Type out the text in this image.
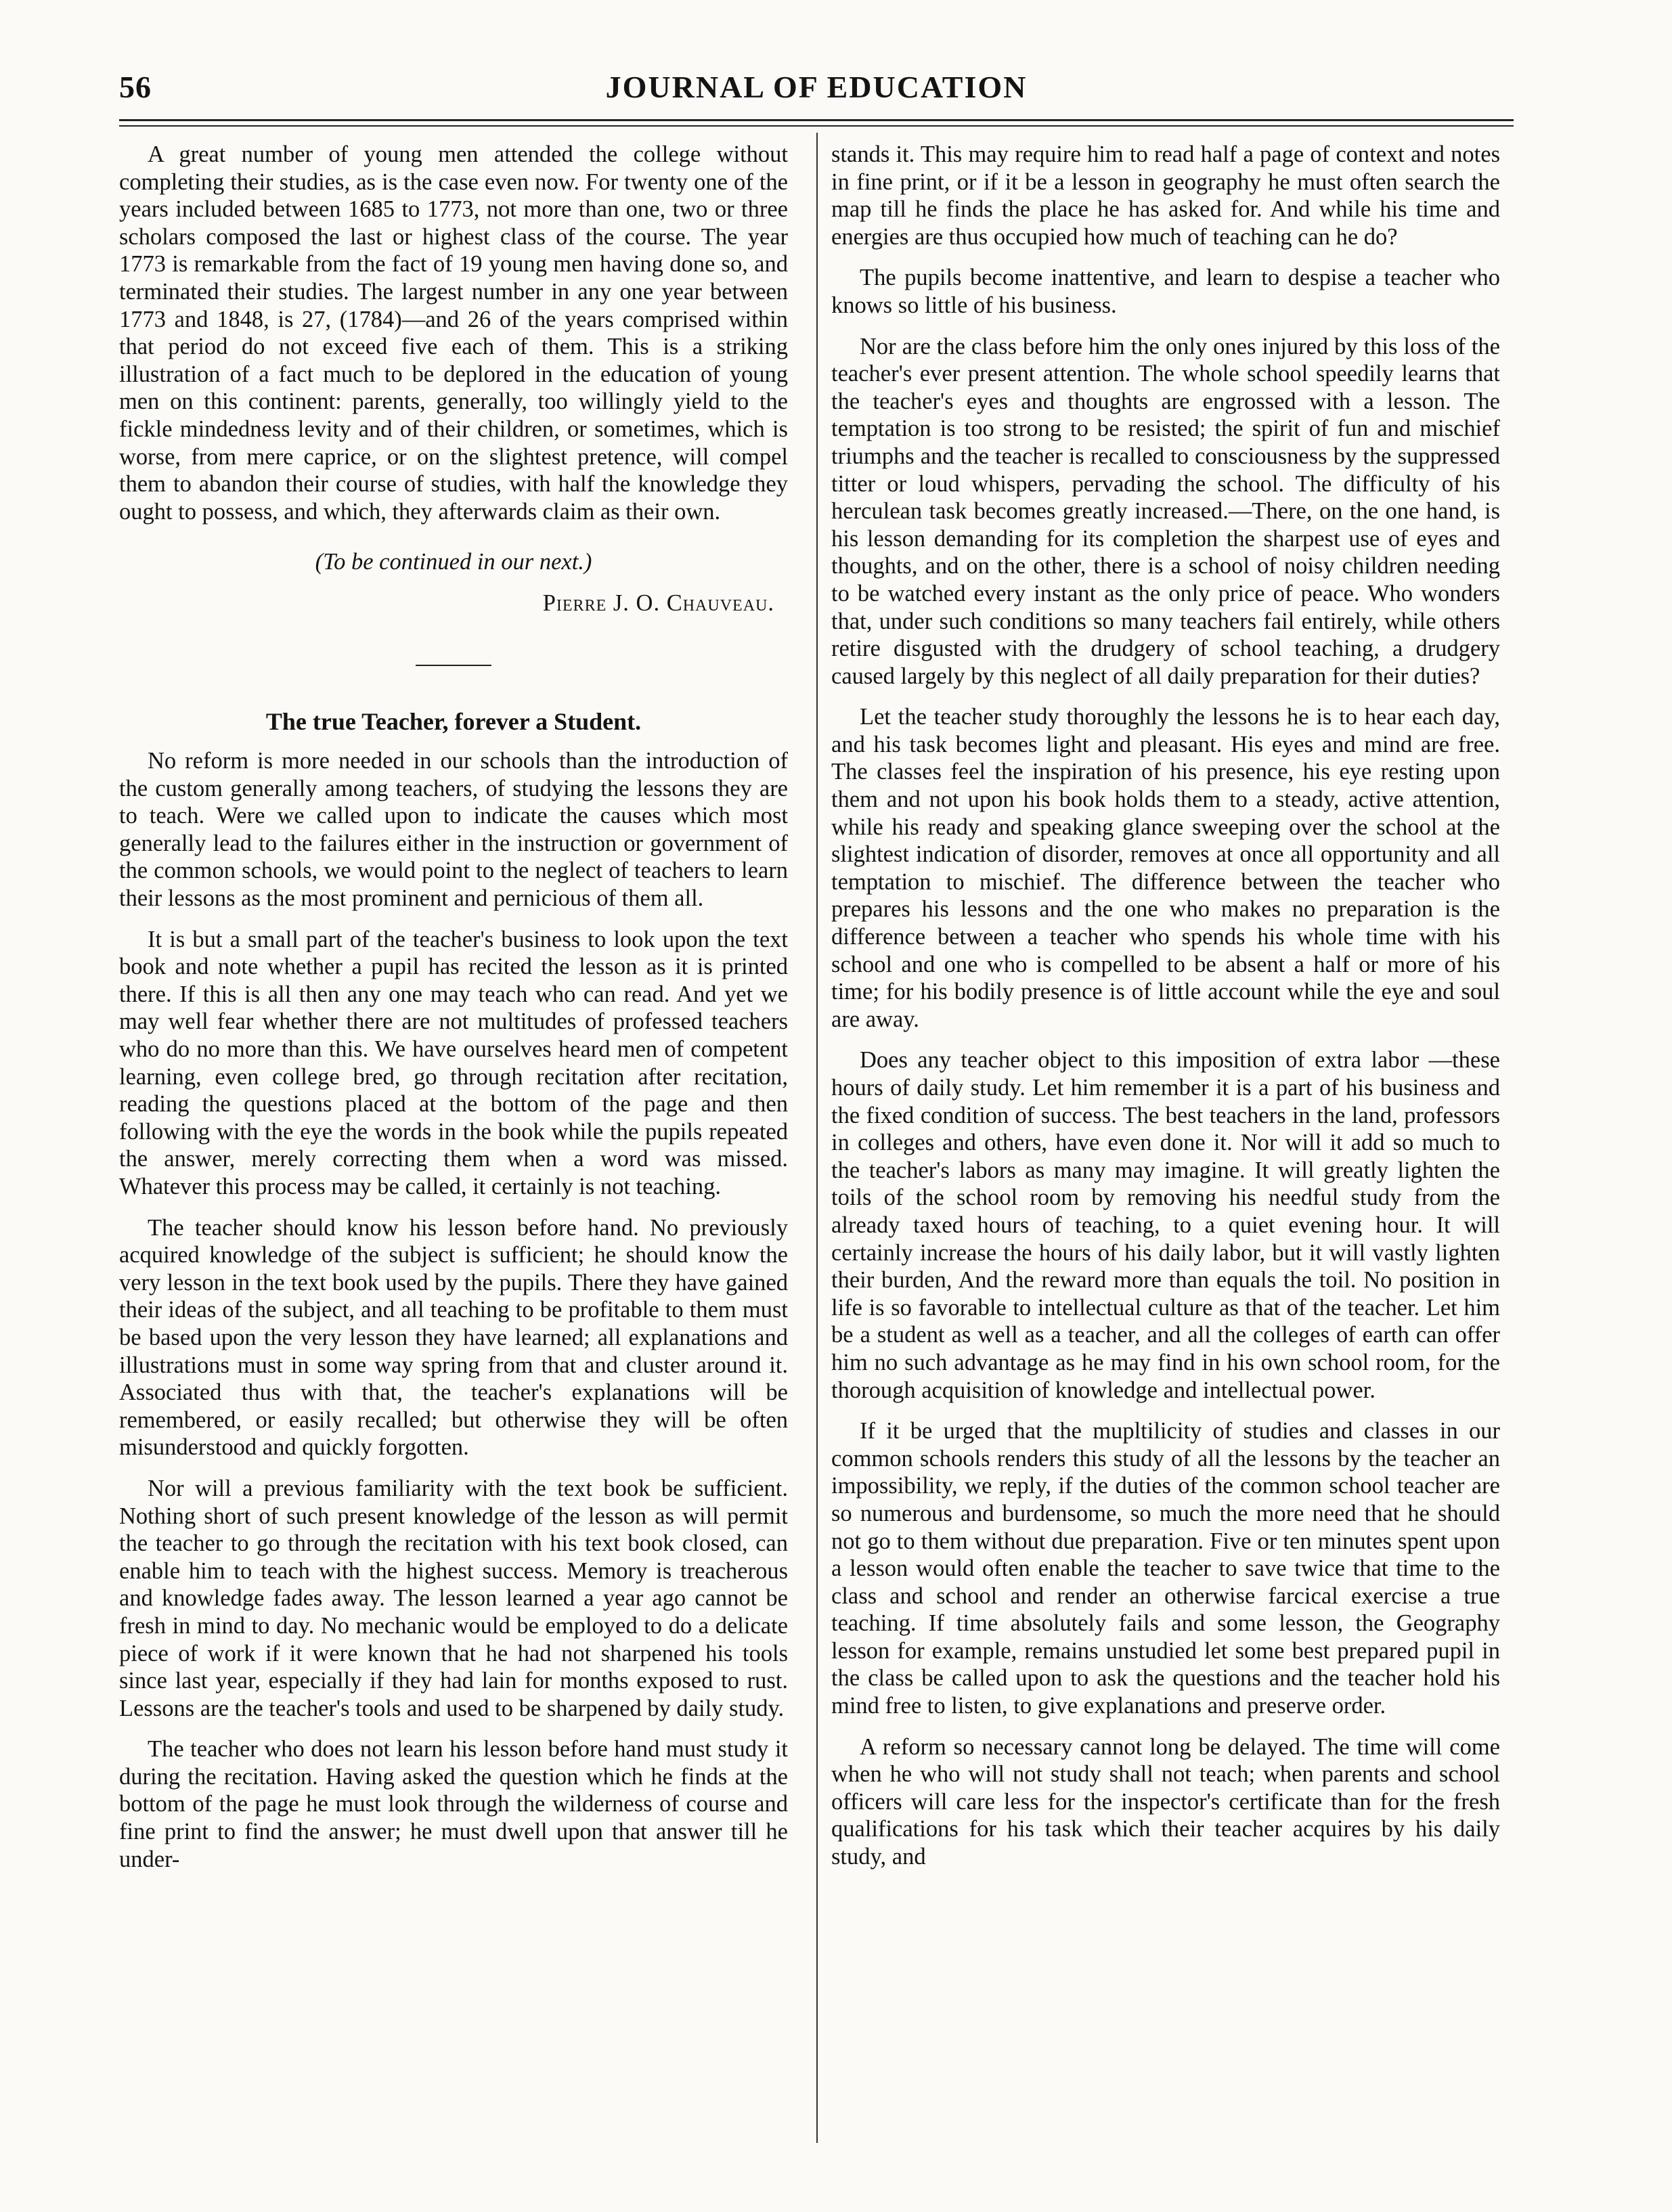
56	JOURNAL OF EDUCATION

A great number of young men attended the college without completing their studies, as is the case even now. For twenty one of the years included between 1685 to 1773, not more than one, two or three scholars composed the last or highest class of the course. The year 1773 is remarkable from the fact of 19 young men having done so, and terminated their studies. The largest number in any one year between 1773 and 1848, is 27, (1784)—and 26 of the years comprised within that period do not exceed five each of them. This is a striking illustration of a fact much to be deplored in the education of young men on this continent: parents, generally, too willingly yield to the fickle mindedness levity and of their children, or sometimes, which is worse, from mere caprice, or on the slightest pretence, will compel them to abandon their course of studies, with half the knowledge they ought to possess, and which, they afterwards claim as their own.

(To be continued in our next.)
Pierre J. O. Chauveau.
The true Teacher, forever a Student.

No reform is more needed in our schools than the introduction of the custom generally among teachers, of studying the lessons they are to teach. Were we called upon to indicate the causes which most generally lead to the failures either in the instruction or government of the common schools, we would point to the neglect of teachers to learn their lessons as the most prominent and pernicious of them all.

It is but a small part of the teacher's business to look upon the text book and note whether a pupil has recited the lesson as it is printed there. If this is all then any one may teach who can read. And yet we may well fear whether there are not multitudes of professed teachers who do no more than this. We have ourselves heard men of competent learning, even college bred, go through recitation after recitation, reading the questions placed at the bottom of the page and then following with the eye the words in the book while the pupils repeated the answer, merely correcting them when a word was missed. Whatever this process may be called, it certainly is not teaching.

The teacher should know his lesson before hand. No previously acquired knowledge of the subject is sufficient; he should know the very lesson in the text book used by the pupils. There they have gained their ideas of the subject, and all teaching to be profitable to them must be based upon the very lesson they have learned; all explanations and illustrations must in some way spring from that and cluster around it. Associated thus with that, the teacher's explanations will be remembered, or easily recalled; but otherwise they will be often misunderstood and quickly forgotten.

Nor will a previous familiarity with the text book be sufficient. Nothing short of such present knowledge of the lesson as will permit the teacher to go through the recitation with his text book closed, can enable him to teach with the highest success. Memory is treacherous and knowledge fades away. The lesson learned a year ago cannot be fresh in mind to day. No mechanic would be employed to do a delicate piece of work if it were known that he had not sharpened his tools since last year, especially if they had lain for months exposed to rust. Lessons are the teacher's tools and used to be sharpened by daily study.

The teacher who does not learn his lesson before hand must study it during the recitation. Having asked the question which he finds at the bottom of the page he must look through the wilderness of course and fine print to find the answer; he must dwell upon that answer till he under-

stands it. This may require him to read half a page of context and notes in fine print, or if it be a lesson in geography he must often search the map till he finds the place he has asked for. And while his time and energies are thus occupied how much of teaching can he do?

The pupils become inattentive, and learn to despise a teacher who knows so little of his business.

Nor are the class before him the only ones injured by this loss of the teacher's ever present attention. The whole school speedily learns that the teacher's eyes and thoughts are engrossed with a lesson. The temptation is too strong to be resisted; the spirit of fun and mischief triumphs and the teacher is recalled to consciousness by the suppressed titter or loud whispers, pervading the school. The difficulty of his herculean task becomes greatly increased.—There, on the one hand, is his lesson demanding for its completion the sharpest use of eyes and thoughts, and on the other, there is a school of noisy children needing to be watched every instant as the only price of peace. Who wonders that, under such conditions so many teachers fail entirely, while others retire disgusted with the drudgery of school teaching, a drudgery caused largely by this neglect of all daily preparation for their duties?

Let the teacher study thoroughly the lessons he is to hear each day, and his task becomes light and pleasant. His eyes and mind are free. The classes feel the inspiration of his presence, his eye resting upon them and not upon his book holds them to a steady, active attention, while his ready and speaking glance sweeping over the school at the slightest indication of disorder, removes at once all opportunity and all temptation to mischief. The difference between the teacher who prepares his lessons and the one who makes no preparation is the difference between a teacher who spends his whole time with his school and one who is compelled to be absent a half or more of his time; for his bodily presence is of little account while the eye and soul are away.

Does any teacher object to this imposition of extra labor —these hours of daily study. Let him remember it is a part of his business and the fixed condition of success. The best teachers in the land, professors in colleges and others, have even done it. Nor will it add so much to the teacher's labors as many may imagine. It will greatly lighten the toils of the school room by removing his needful study from the already taxed hours of teaching, to a quiet evening hour. It will certainly increase the hours of his daily labor, but it will vastly lighten their burden, And the reward more than equals the toil. No position in life is so favorable to intellectual culture as that of the teacher. Let him be a student as well as a teacher, and all the colleges of earth can offer him no such advantage as he may find in his own school room, for the thorough acquisition of knowledge and intellectual power.

If it be urged that the mupltilicity of studies and classes in our common schools renders this study of all the lessons by the teacher an impossibility, we reply, if the duties of the common school teacher are so numerous and burdensome, so much the more need that he should not go to them without due preparation. Five or ten minutes spent upon a lesson would often enable the teacher to save twice that time to the class and school and render an otherwise farcical exercise a true teaching. If time absolutely fails and some lesson, the Geography lesson for example, remains unstudied let some best prepared pupil in the class be called upon to ask the questions and the teacher hold his mind free to listen, to give explanations and preserve order.

A reform so necessary cannot long be delayed. The time will come when he who will not study shall not teach; when parents and school officers will care less for the inspector's certificate than for the fresh qualifications for his task which their teacher acquires by his daily study, and
